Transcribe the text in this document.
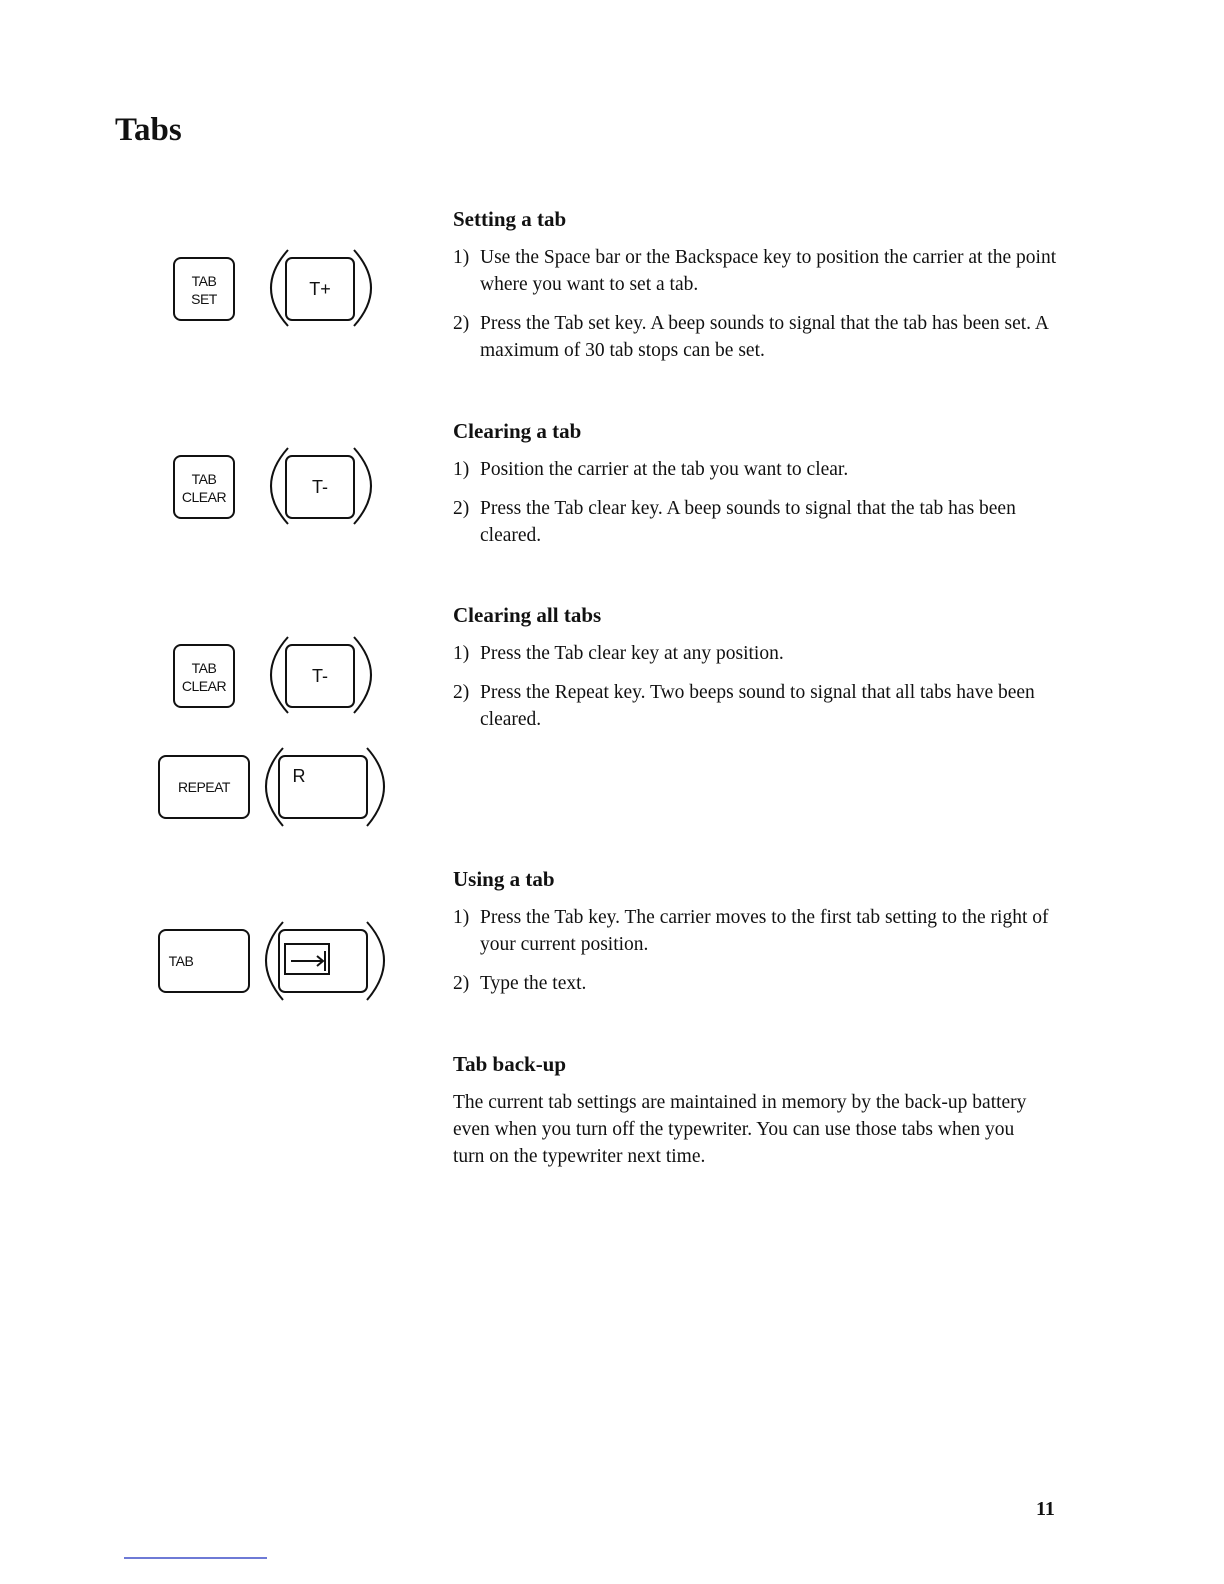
Tabs
TAB
SET	T+
TAB
CLEAR	T-
TAB
CLEAR	T-
REPEAT
R
TAB
Setting a tab

1) Use the Space bar or the Backspace key to position the carrier at the point where you want to set a tab.

2) Press the Tab set key. A beep sounds to signal that the tab has been set. A maximum of 30 tab stops can be set.

Clearing a tab

1) Position the carrier at the tab you want to clear.

2) Press the Tab clear key. A beep sounds to signal that the tab has been cleared.

Clearing all tabs

1) Press the Tab clear key at any position.

2) Press the Repeat key. Two beeps sound to signal that all tabs have been cleared.

Using a tab

1) Press the Tab key. The carrier moves to the first tab setting to the right of your current position.

2) Type the text.

Tab back-up

The current tab settings are maintained in memory by the back-up battery even when you turn off the typewriter. You can use those tabs when you turn on the typewriter next time.

11
